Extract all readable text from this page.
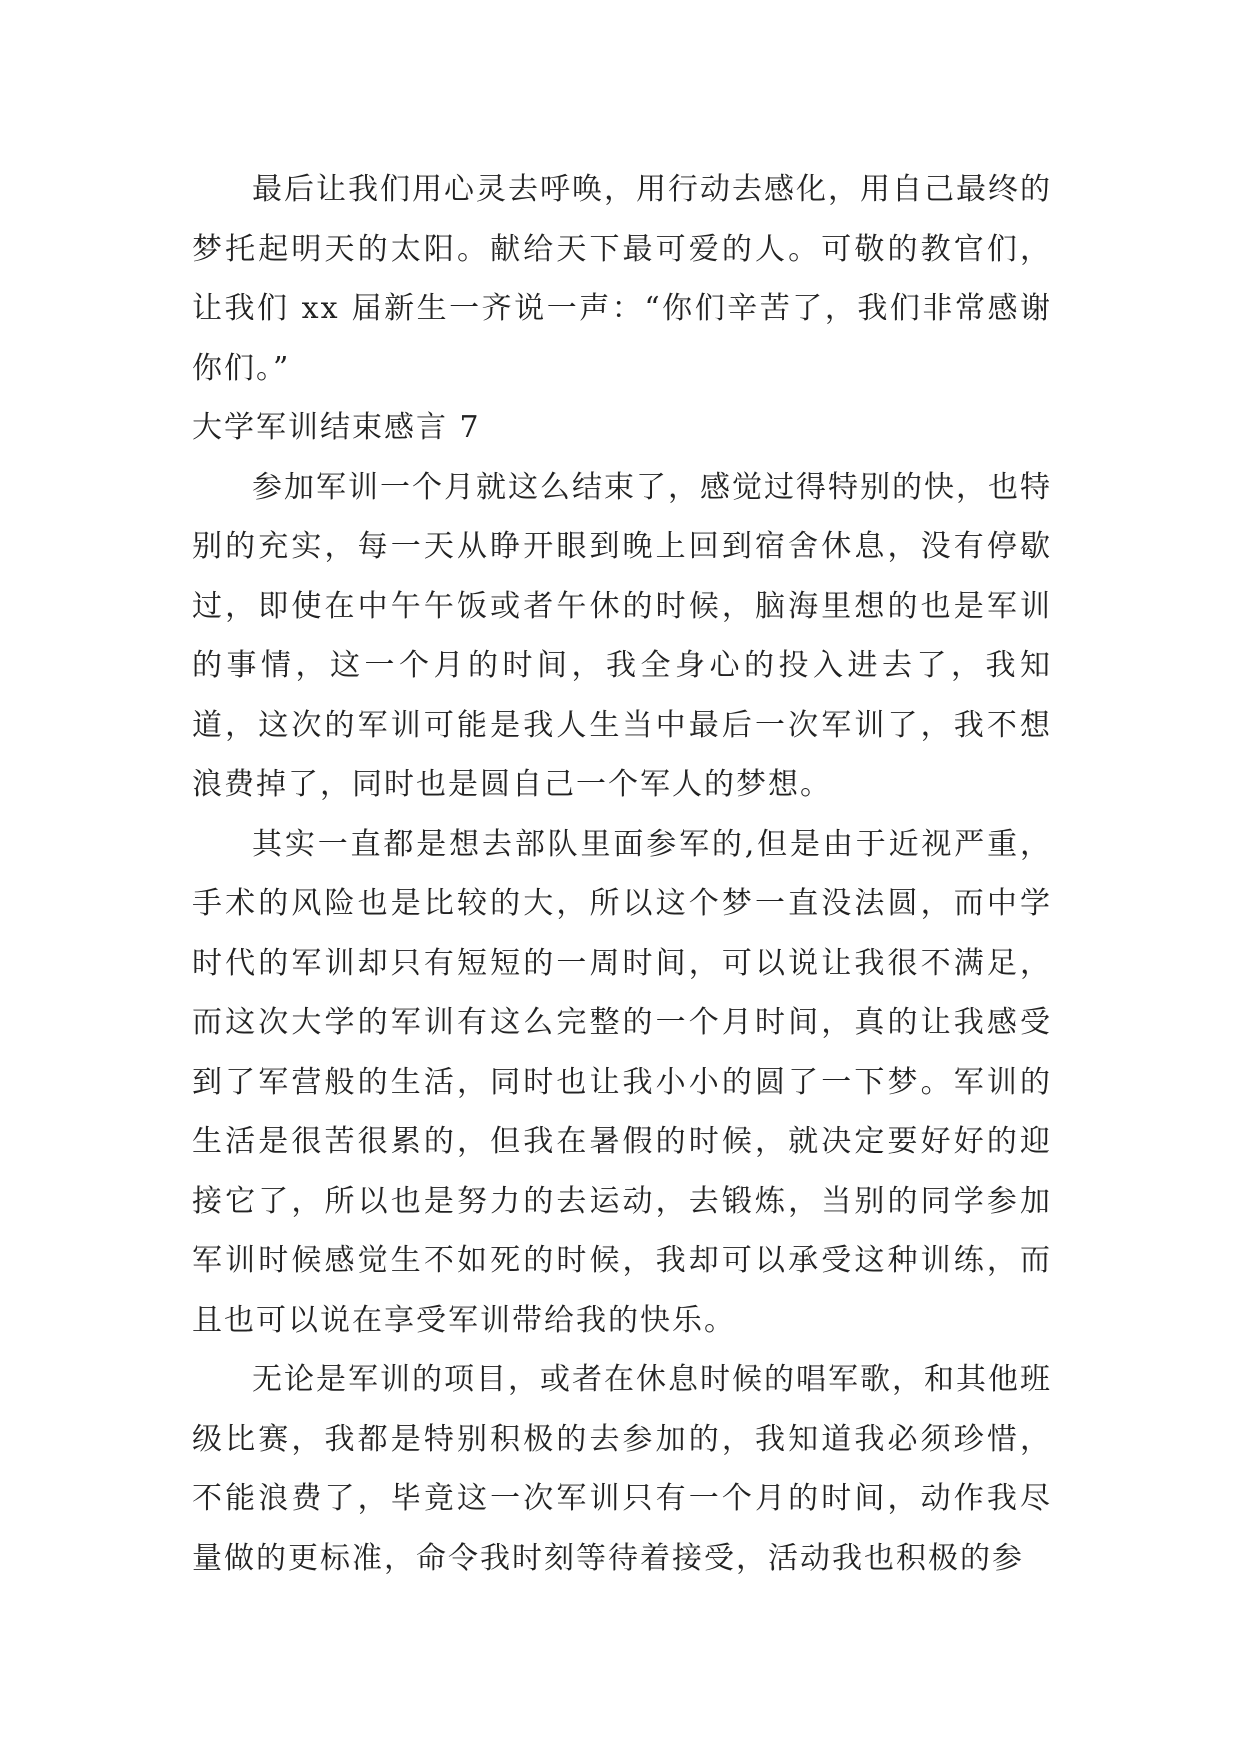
最后让我们用心灵去呼唤，用行动去感化，用自己最终的梦托起明天的太阳。献给天下最可爱的人。可敬的教官们，让我们 xx 届新生一齐说一声：“你们辛苦了，我们非常感谢你们。”

大学军训结束感言 7

参加军训一个月就这么结束了，感觉过得特别的快，也特别的充实，每一天从睁开眼到晚上回到宿舍休息，没有停歇过，即使在中午午饭或者午休的时候，脑海里想的也是军训的事情，这一个月的时间，我全身心的投入进去了，我知道，这次的军训可能是我人生当中最后一次军训了，我不想浪费掉了，同时也是圆自己一个军人的梦想。

其实一直都是想去部队里面参军的,但是由于近视严重，手术的风险也是比较的大，所以这个梦一直没法圆，而中学时代的军训却只有短短的一周时间，可以说让我很不满足，而这次大学的军训有这么完整的一个月时间，真的让我感受到了军营般的生活，同时也让我小小的圆了一下梦。军训的生活是很苦很累的，但我在暑假的时候，就决定要好好的迎接它了，所以也是努力的去运动，去锻炼，当别的同学参加军训时候感觉生不如死的时候，我却可以承受这种训练，而且也可以说在享受军训带给我的快乐。

无论是军训的项目，或者在休息时候的唱军歌，和其他班级比赛，我都是特别积极的去参加的，我知道我必须珍惜，不能浪费了，毕竟这一次军训只有一个月的时间，动作我尽量做的更标准，命令我时刻等待着接受，活动我也积极的参
